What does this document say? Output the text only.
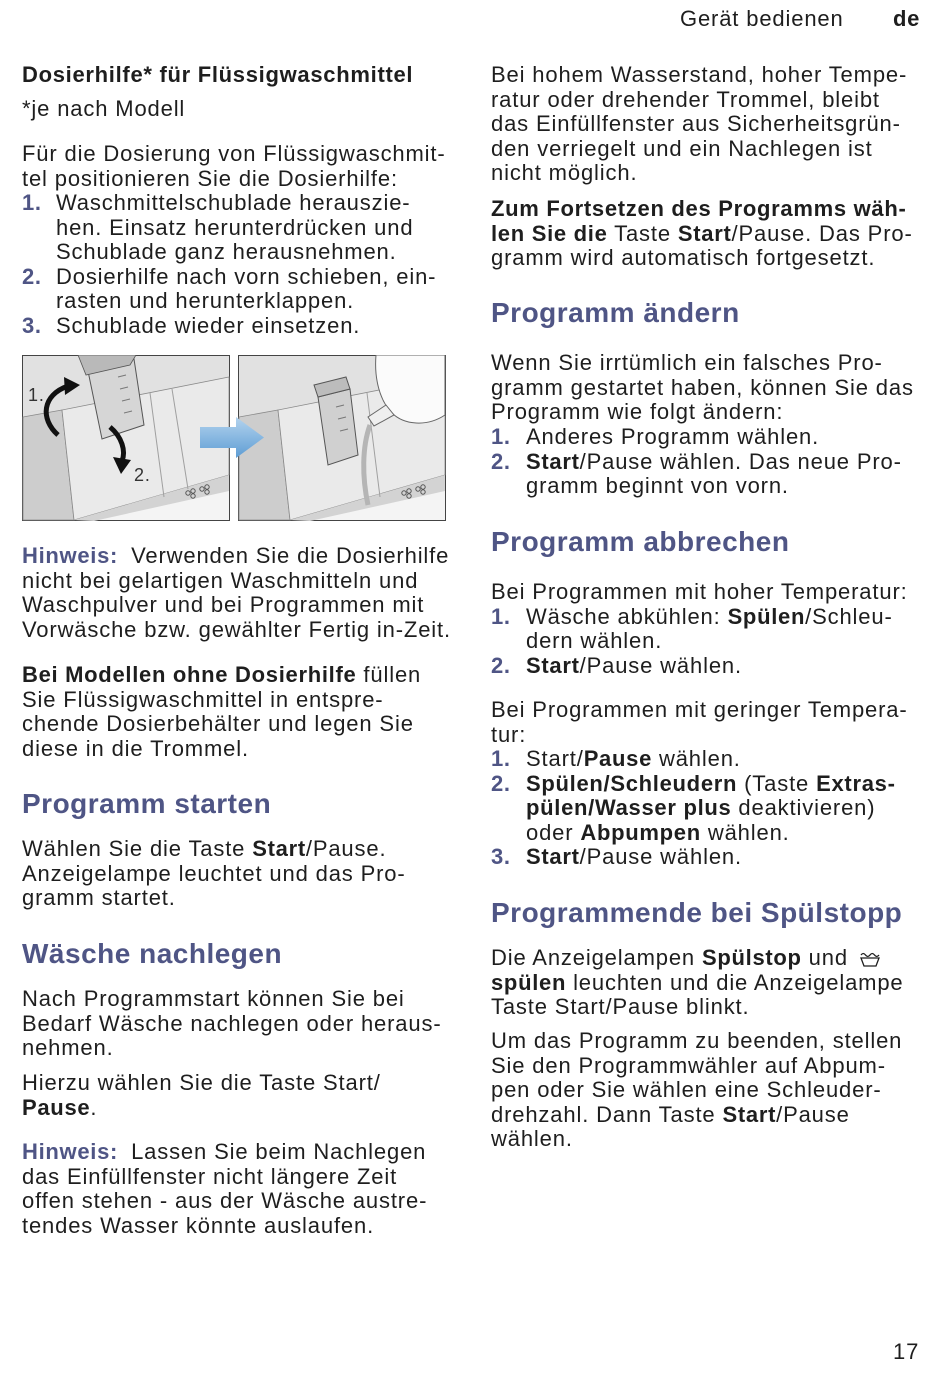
Gerät bedienen de
Dosierhilfe* für Flüssigwaschmittel
*je nach Modell
Für die Dosierung von Flüssigwaschmit-
tel positionieren Sie die Dosierhilfe:
1. Waschmittelschublade herauszie-
hen. Einsatz herunterdrücken und
Schublade ganz herausnehmen.
2. Dosierhilfe nach vorn schieben, ein-
rasten und herunterklappen.
3. Schublade wieder einsetzen.
1.
2.
Hinweis: Verwenden Sie die Dosierhilfe
nicht bei gelartigen Waschmitteln und
Waschpulver und bei Programmen mit
Vorwäsche bzw. gewählter Fertig in-Zeit.
Bei Modellen ohne Dosierhilfe füllen
Sie Flüssigwaschmittel in entspre-
chende Dosierbehälter und legen Sie
diese in die Trommel.
Programm starten
Wählen Sie die Taste Start/Pause.
Anzeigelampe leuchtet und das Pro-
gramm startet.
Wäsche nachlegen
Nach Programmstart können Sie bei
Bedarf Wäsche nachlegen oder heraus-
nehmen.
Hierzu wählen Sie die Taste Start/
Pause.
Hinweis: Lassen Sie beim Nachlegen
das Einfüllfenster nicht längere Zeit
offen stehen - aus der Wäsche austre-
tendes Wasser könnte auslaufen.
Bei hohem Wasserstand, hoher Tempe-
ratur oder drehender Trommel, bleibt
das Einfüllfenster aus Sicherheitsgrün-
den verriegelt und ein Nachlegen ist
nicht möglich.
Zum Fortsetzen des Programms wäh-
len Sie die Taste Start/Pause. Das Pro-
gramm wird automatisch fortgesetzt.
Programm ändern
Wenn Sie irrtümlich ein falsches Pro-
gramm gestartet haben, können Sie das
Programm wie folgt ändern:
1. Anderes Programm wählen.
2. Start/Pause wählen. Das neue Pro-
gramm beginnt von vorn.
Programm abbrechen
Bei Programmen mit hoher Temperatur:
1. Wäsche abkühlen: Spülen/Schleu-
dern wählen.
2. Start/Pause wählen.
Bei Programmen mit geringer Tempera-
tur:
1. Start/Pause wählen.
2. Spülen/Schleudern (Taste Extras-
pülen/Wasser plus deaktivieren)
oder Abpumpen wählen.
3. Start/Pause wählen.
Programmende bei Spülstopp
Die Anzeigelampen Spülstop und
spülen leuchten und die Anzeigelampe
Taste Start/Pause blinkt.
Um das Programm zu beenden, stellen
Sie den Programmwähler auf Abpum-
pen oder Sie wählen eine Schleuder-
drehzahl. Dann Taste Start/Pause
wählen.
17
